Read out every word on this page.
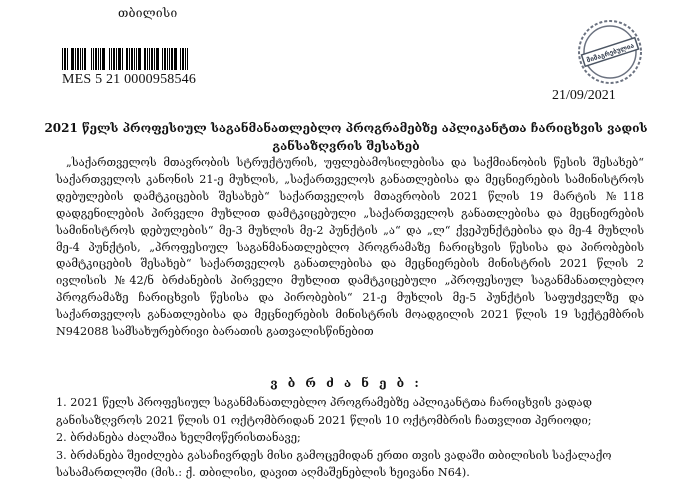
თბილისი
MES 5 21 0000958546
მიმაგრებულია
21/09/2021
2021 წელს პროფესიულ საგანმანათლებლო პროგრამებზე აპლიკანტთა ჩარიცხვის ვადის
განსაზღვრის შესახებ

„საქართველოს მთავრობის სტრუქტურის, უფლებამოსილებისა და საქმიანობის წესის შესახებ“ საქართველოს კანონის 21-ე მუხლის, „საქართველოს განათლებისა და მეცნიერების სამინისტროს დებულების დამტკიცების შესახებ“ საქართველოს მთავრობის 2021 წლის 19 მარტის №118 დადგენილების პირველი მუხლით დამტკიცებული „საქართველოს განათლებისა და მეცნიერების სამინისტროს დებულების“ მე-3 მუხლის მე-2 პუნქტის „ა“ და „ლ“ ქვეპუნქტებისა და მე-4 მუხლის მე-4 პუნქტის, „პროფესიულ საგანმანათლებლო პროგრამაზე ჩარიცხვის წესისა და პირობების დამტკიცების შესახებ“ საქართველოს განათლებისა და მეცნიერების მინისტრის 2021 წლის 2 ივლისის №42/ნ ბრძანების პირველი მუხლით დამტკიცებული „პროფესიულ საგანმანათლებლო პროგრამაზე ჩარიცხვის წესისა და პირობების“ 21-ე მუხლის მე-5 პუნქტის საფუძველზე და საქართველოს განათლებისა და მეცნიერების მინისტრის მოადგილის 2021 წლის 19 სექტემბრის N942088 სამსახურებრივი ბარათის გათვალისწინებით

ვ ბ რ ძ ა ნ ე ბ :
1. 2021 წელს პროფესიულ საგანმანათლებლო პროგრამებზე აპლიკანტთა ჩარიცხვის ვადად განისაზღვროს 2021 წლის 01 ოქტომბრიდან 2021 წლის 10 ოქტომბრის ჩათვლით პერიოდი;
2. ბრძანება ძალაშია ხელმოწერისთანავე;
3. ბრძანება შეიძლება გასაჩივრდეს მისი გამოცემიდან ერთი თვის ვადაში თბილისის საქალაქო სასამართლოში (მის.: ქ. თბილისი, დავით აღმაშენებლის ხეივანი N64).
